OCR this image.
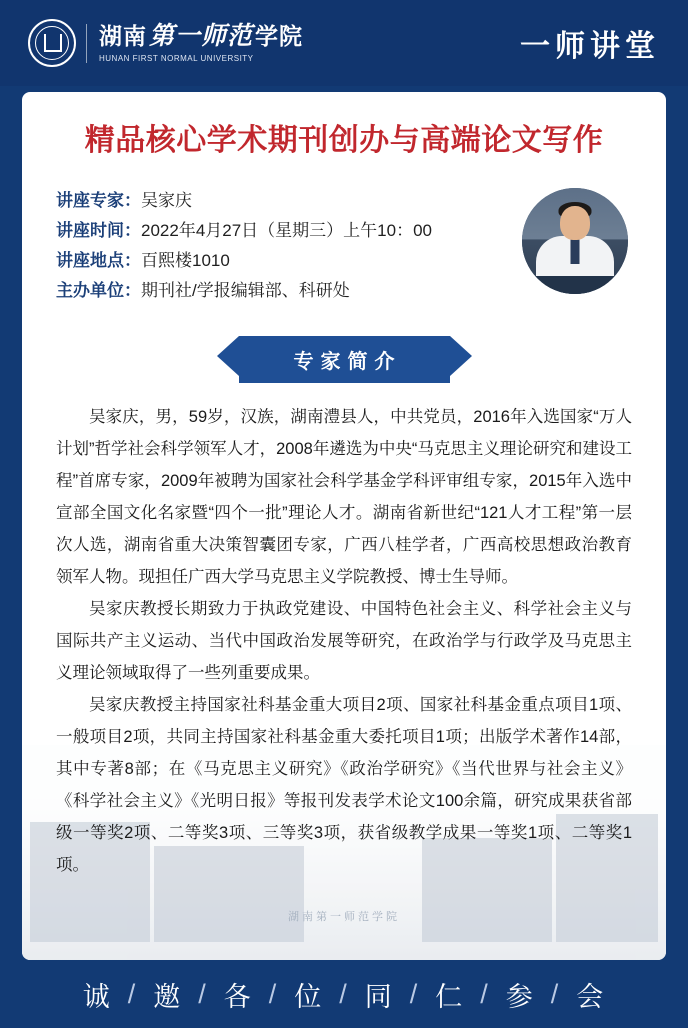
湖南第一师范学院
HUNAN FIRST NORMAL UNIVERSITY	一师讲堂
湖南第一师范学院
精品核心学术期刊创办与高端论文写作
讲座专家：吴家庆
讲座时间：2022年4月27日（星期三）上午10：00
讲座地点：百熙楼1010
主办单位：期刊社/学报编辑部、科研处
专家简介

吴家庆，男，59岁，汉族，湖南澧县人，中共党员，2016年入选国家“万人计划”哲学社会科学领军人才，2008年遴选为中央“马克思主义理论研究和建设工程”首席专家，2009年被聘为国家社会科学基金学科评审组专家，2015年入选中宣部全国文化名家暨“四个一批”理论人才。湖南省新世纪“121人才工程”第一层次人选，湖南省重大决策智囊团专家，广西八桂学者，广西高校思想政治教育领军人物。现担任广西大学马克思主义学院教授、博士生导师。

吴家庆教授长期致力于执政党建设、中国特色社会主义、科学社会主义与国际共产主义运动、当代中国政治发展等研究，在政治学与行政学及马克思主义理论领域取得了一些列重要成果。

吴家庆教授主持国家社科基金重大项目2项、国家社科基金重点项目1项、一般项目2项，共同主持国家社科基金重大委托项目1项；出版学术著作14部，其中专著8部；在《马克思主义研究》《政治学研究》《当代世界与社会主义》《科学社会主义》《光明日报》等报刊发表学术论文100余篇，研究成果获省部级一等奖2项、二等奖3项、三等奖3项，获省级教学成果一等奖1项、二等奖1项。

诚 / 邀 / 各 / 位 / 同 / 仁 / 参 / 会
